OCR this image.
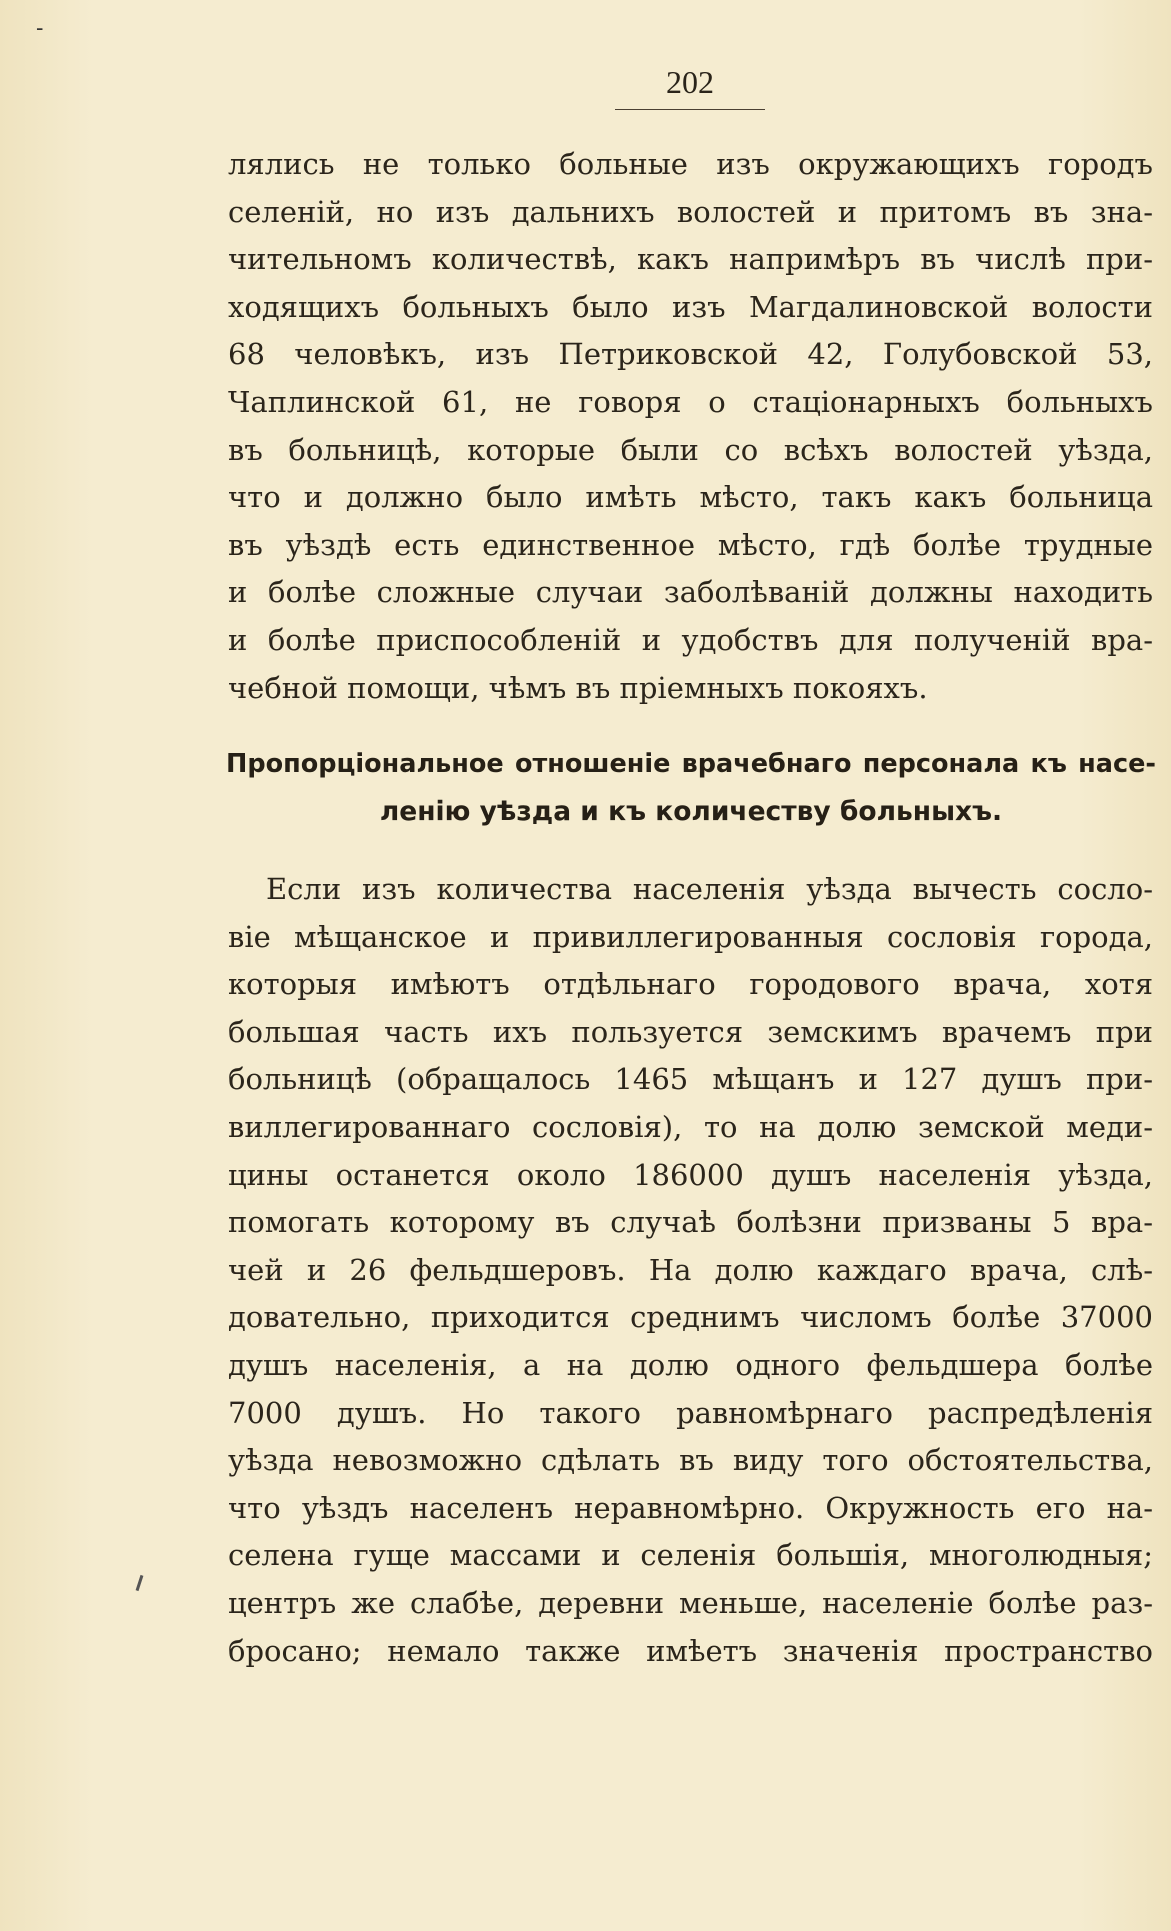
-
202
лялись не только больные изъ окружающихъ городъ
селеній, но изъ дальнихъ волостей и притомъ въ зна-
чительномъ количествѣ, какъ напримѣръ въ числѣ при-
ходящихъ больныхъ было изъ Магдалиновской волости
68 человѣкъ, изъ Петриковской 42, Голубовской 53,
Чаплинской 61, не говоря о стаціонарныхъ больныхъ
въ больницѣ, которые были со всѣхъ волостей уѣзда,
что и должно было имѣть мѣсто, такъ какъ больница
въ уѣздѣ есть единственное мѣсто, гдѣ болѣе трудные
и болѣе сложные случаи заболѣваній должны находить
и болѣе приспособленій и удобствъ для полученій вра-
чебной помощи, чѣмъ въ пріемныхъ покояхъ.
Пропорціональное отношеніе врачебнаго персонала къ насе-
ленію уѣзда и къ количеству больныхъ.
Если изъ количества населенія уѣзда вычесть сосло-
віе мѣщанское и привиллегированныя сословія города,
которыя имѣютъ отдѣльнаго городового врача, хотя
большая часть ихъ пользуется земскимъ врачемъ при
больницѣ (обращалось 1465 мѣщанъ и 127 душъ при-
виллегированнаго сословія), то на долю земской меди-
цины останется около 186000 душъ населенія уѣзда,
помогать которому въ случаѣ болѣзни призваны 5 вра-
чей и 26 фельдшеровъ. На долю каждаго врача, слѣ-
довательно, приходится среднимъ числомъ болѣе 37000
душъ населенія, а на долю одного фельдшера болѣе
7000 душъ. Но такого равномѣрнаго распредѣленія
уѣзда невозможно сдѣлать въ виду того обстоятельства,
что уѣздъ населенъ неравномѣрно. Окружность его на-
селена гуще массами и селенія большія, многолюдныя;
центръ же слабѣе, деревни меньше, населеніе болѣе раз-
бросано; немало также имѣетъ значенія пространство
